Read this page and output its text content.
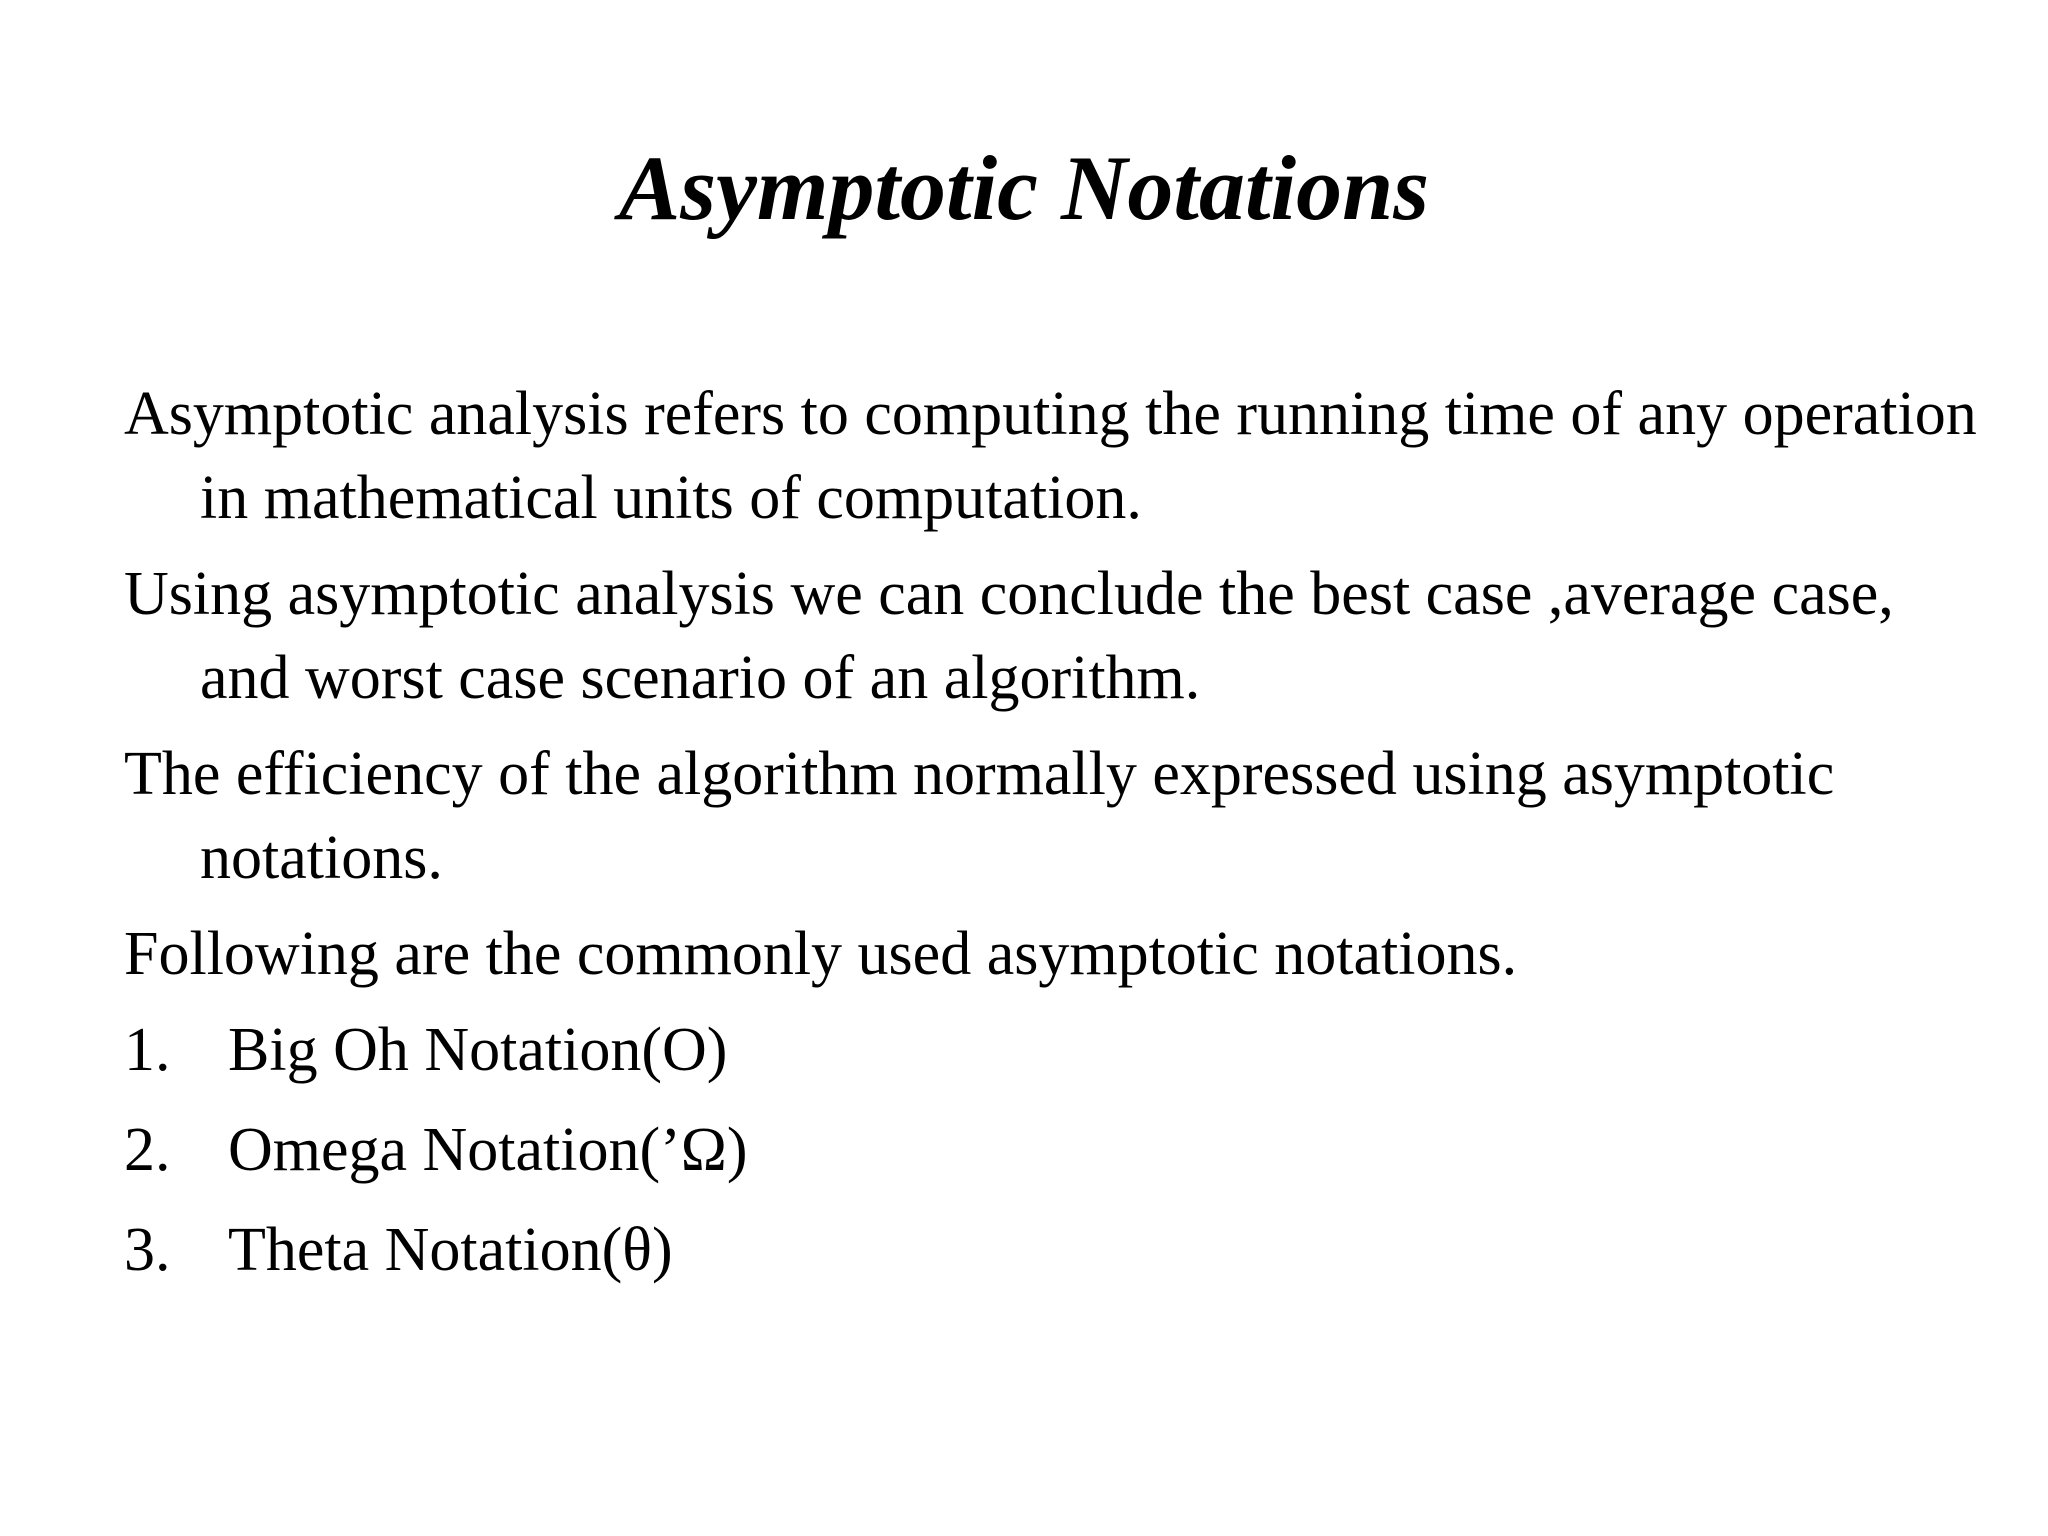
Asymptotic Notations

Asymptotic analysis refers to computing the running time of any operation in mathematical units of computation.

Using asymptotic analysis we can conclude the best case ,average case, and worst case scenario of an algorithm.

The efficiency of the algorithm normally expressed using asymptotic notations.

Following are the commonly used asymptotic notations.

1. Big Oh Notation(O)
2. Omega Notation(’Ω)
3. Theta Notation(θ)
